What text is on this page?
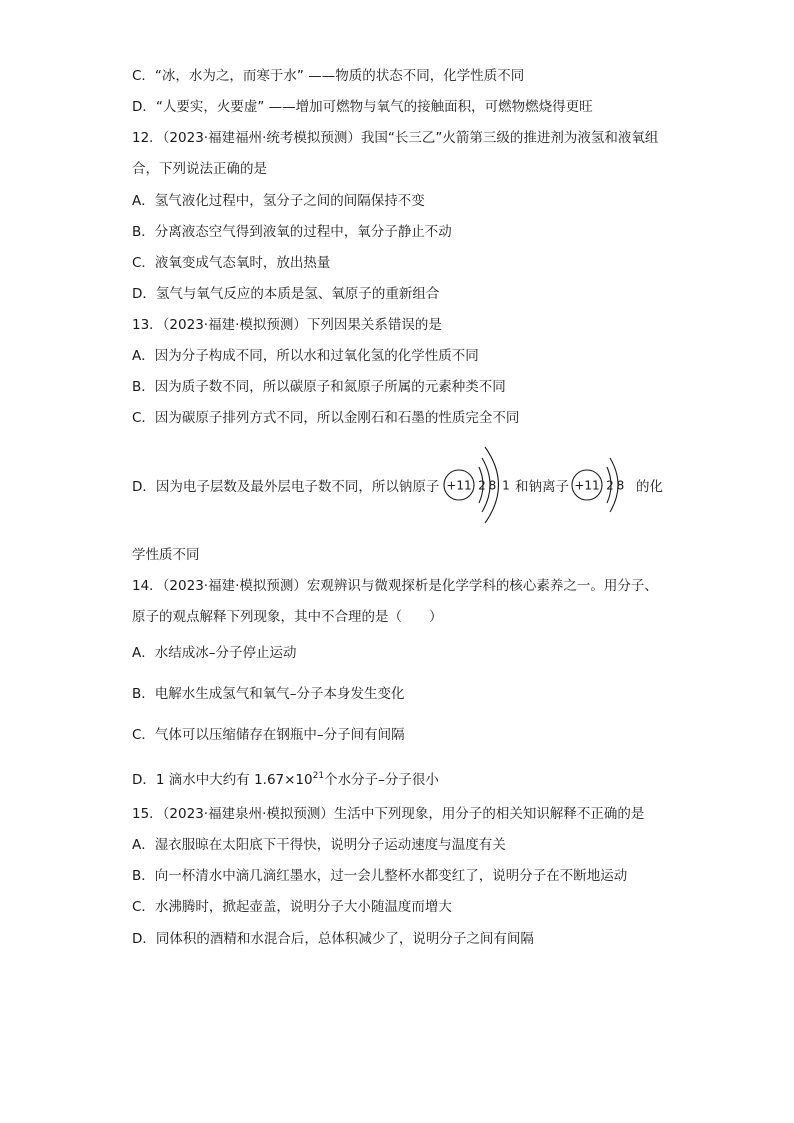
C．“冰，水为之，而寒于水” ——物质的状态不同，化学性质不同
D．“人要实，火要虚” ——增加可燃物与氧气的接触面积，可燃物燃烧得更旺
12．（2023·福建福州·统考模拟预测）我国“长三乙”火箭第三级的推进剂为液氢和液氧组
合，下列说法正确的是
A．氢气液化过程中，氢分子之间的间隔保持不变
B．分离液态空气得到液氧的过程中，氧分子静止不动
C．液氧变成气态氧时，放出热量
D．氢气与氧气反应的本质是氢、氧原子的重新组合
13．（2023·福建·模拟预测）下列因果关系错误的是
A．因为分子构成不同，所以水和过氧化氢的化学性质不同
B．因为质子数不同，所以碳原子和氮原子所属的元素种类不同
C．因为碳原子排列方式不同，所以金刚石和石墨的性质完全不同
D．因为电子层数及最外层电子数不同，所以钠原子 +11 2 8 1 和钠离子 +11 2 8 的化
学性质不同
14．（2023·福建·模拟预测）宏观辨识与微观探析是化学学科的核心素养之一。用分子、
原子的观点解释下列现象，其中不合理的是（　　）
A．水结成冰–分子停止运动
B．电解水生成氢气和氧气–分子本身发生变化
C．气体可以压缩储存在钢瓶中–分子间有间隔
D．1 滴水中大约有 $1.67\times 10^{21}$个水分子–分子很小
15．（2023·福建泉州·模拟预测）生活中下列现象，用分子的相关知识解释不正确的是
A．湿衣服晾在太阳底下干得快，说明分子运动速度与温度有关
B．向一杯清水中滴几滴红墨水，过一会儿整杯水都变红了，说明分子在不断地运动
C．水沸腾时，掀起壶盖，说明分子大小随温度而增大
D．同体积的酒精和水混合后，总体积减少了，说明分子之间有间隔
